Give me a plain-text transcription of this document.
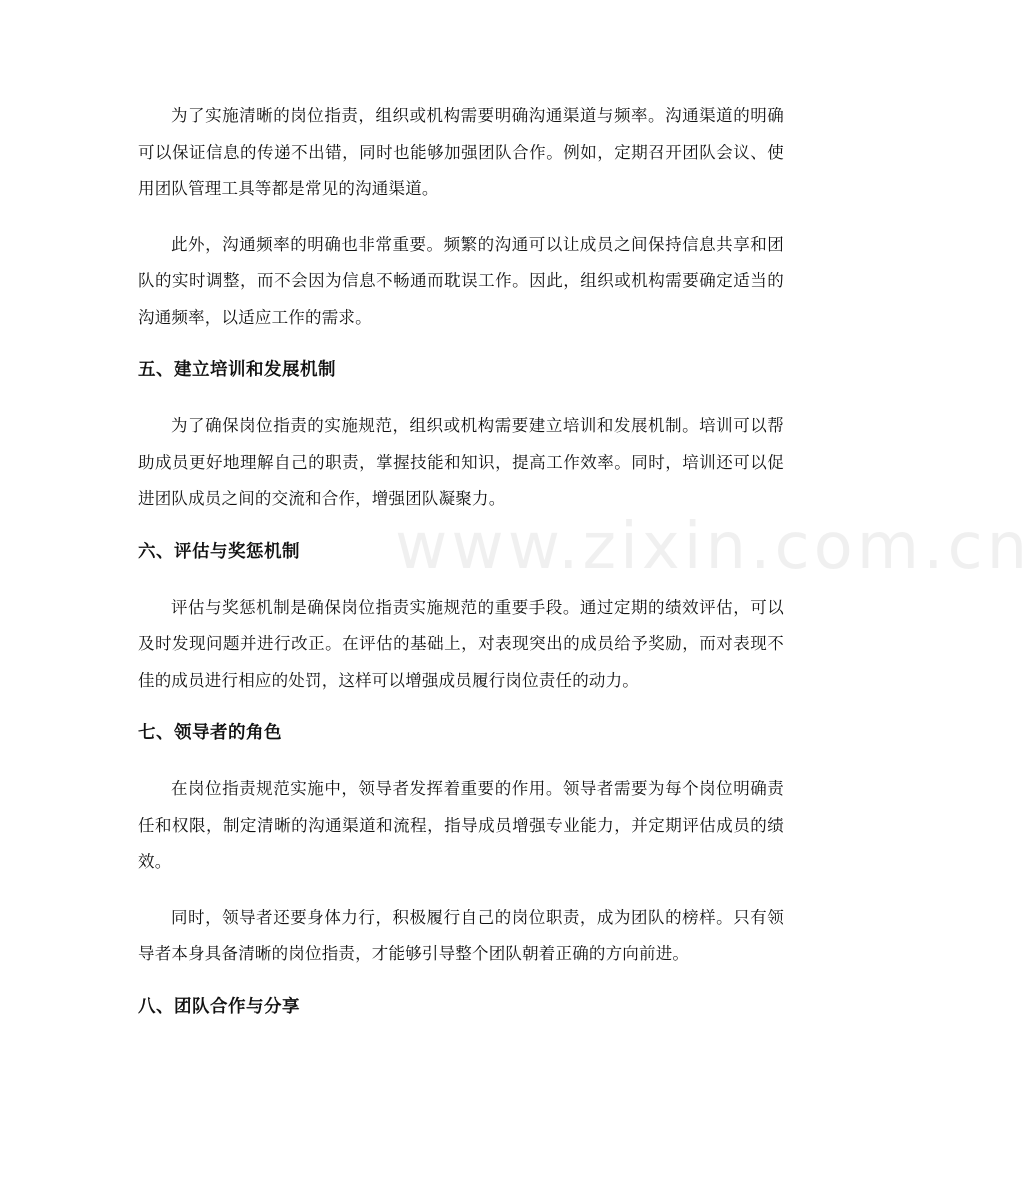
www.zixin.com.cn

为了实施清晰的岗位指责，组织或机构需要明确沟通渠道与频率。沟通渠道的明确可以保证信息的传递不出错，同时也能够加强团队合作。例如，定期召开团队会议、使用团队管理工具等都是常见的沟通渠道。

此外，沟通频率的明确也非常重要。频繁的沟通可以让成员之间保持信息共享和团队的实时调整，而不会因为信息不畅通而耽误工作。因此，组织或机构需要确定适当的沟通频率，以适应工作的需求。

五、建立培训和发展机制

为了确保岗位指责的实施规范，组织或机构需要建立培训和发展机制。培训可以帮助成员更好地理解自己的职责，掌握技能和知识，提高工作效率。同时，培训还可以促进团队成员之间的交流和合作，增强团队凝聚力。

六、评估与奖惩机制

评估与奖惩机制是确保岗位指责实施规范的重要手段。通过定期的绩效评估，可以及时发现问题并进行改正。在评估的基础上，对表现突出的成员给予奖励，而对表现不佳的成员进行相应的处罚，这样可以增强成员履行岗位责任的动力。

七、领导者的角色

在岗位指责规范实施中，领导者发挥着重要的作用。领导者需要为每个岗位明确责任和权限，制定清晰的沟通渠道和流程，指导成员增强专业能力，并定期评估成员的绩效。

同时，领导者还要身体力行，积极履行自己的岗位职责，成为团队的榜样。只有领导者本身具备清晰的岗位指责，才能够引导整个团队朝着正确的方向前进。

八、团队合作与分享
